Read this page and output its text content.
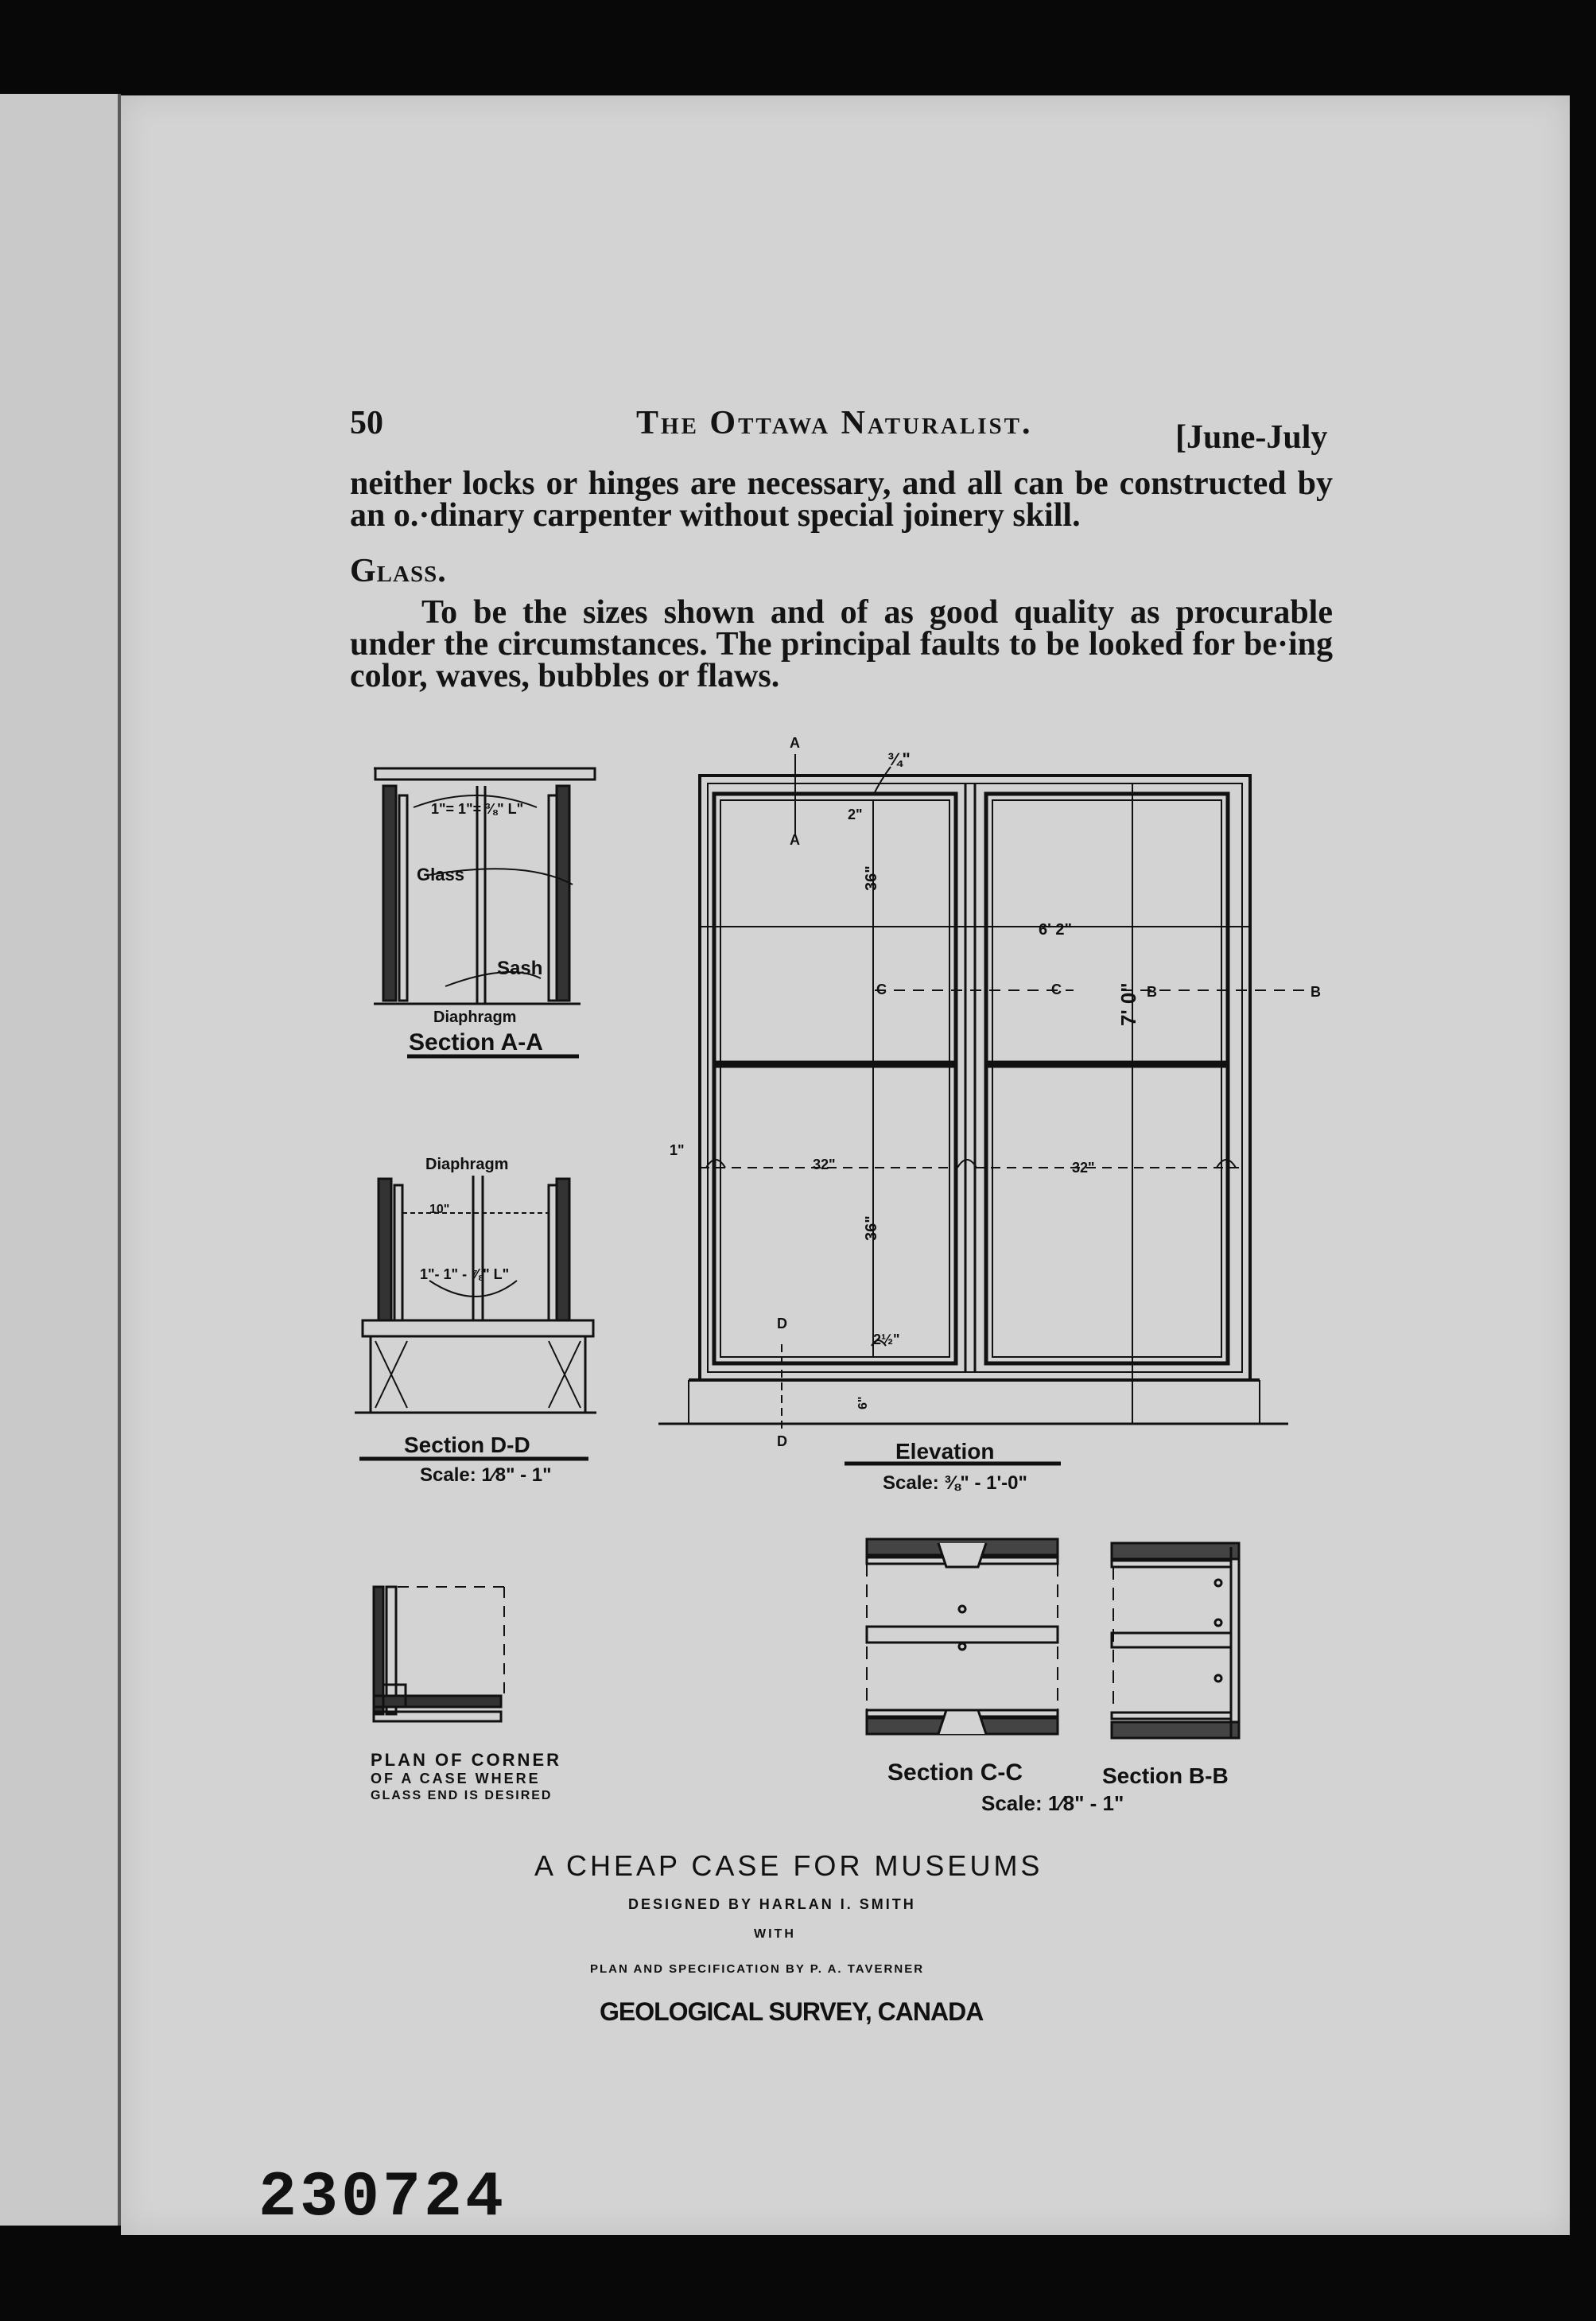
50	The Ottawa Naturalist.	[June-July
neither locks or hinges are necessary, and all can be constructed by an o.·dinary carpenter without special joinery skill.
Glass.
To be the sizes shown and of as good quality as procurable under the circumstances. The principal faults to be looked for be·ing color, waves, bubbles or flaws.
1"= 1"= ⅜" L"
Glass
Sash
Diaphragm
Section A-A
Diaphragm
10"
1"- 1" - ⅞" L"
Section D-D
Scale: 1⁄8" - 1"
A
A
B	B
C	C
D
D
¾"
2"
6' 2"
7' 0"
36"
36"
32"	32"
1"
2½"
6"
Elevation
Scale: ⅜" - 1'-0"
PLAN OF CORNER
OF A CASE WHERE
GLASS END IS DESIRED
Section C-C	Section B-B
Scale: 1⁄8" - 1"
A CHEAP CASE FOR MUSEUMS
DESIGNED BY HARLAN I. SMITH
WITH
PLAN AND SPECIFICATION BY P. A. TAVERNER
GEOLOGICAL SURVEY, CANADA
230724
